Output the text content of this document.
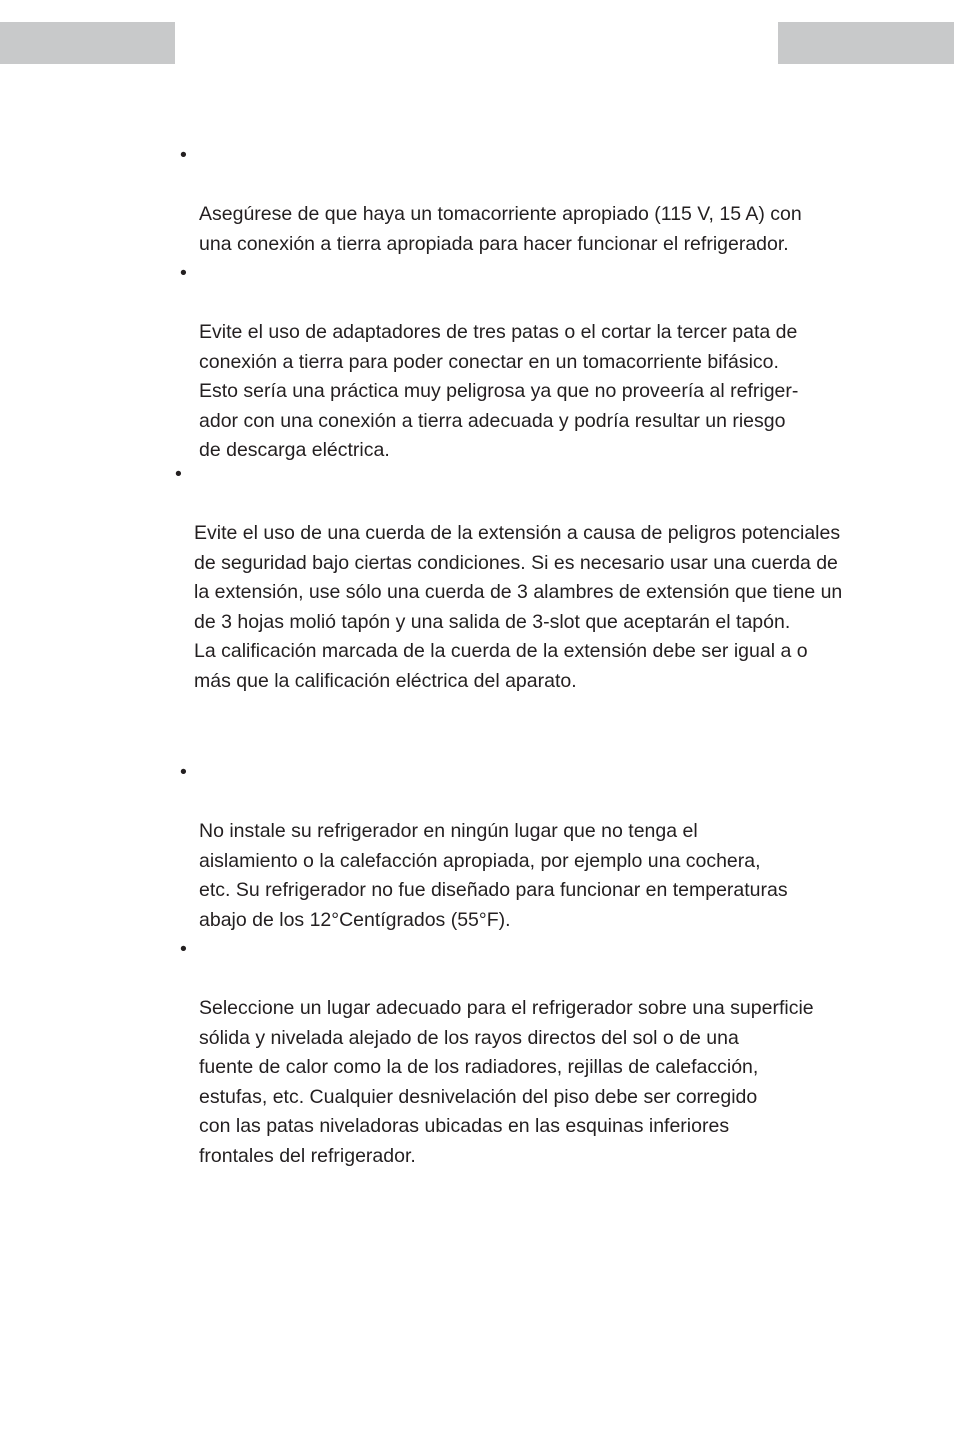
•

Asegúrese de que haya un tomacorriente apropiado (115 V, 15 A) con
una conexión a tierra apropiada para hacer funcionar el refrigerador.

•

Evite el uso de adaptadores de tres patas o el cortar la tercer pata de
conexión a tierra para poder conectar en un tomacorriente bifásico.
Esto sería una práctica muy peligrosa ya que no proveería al refriger-
ador con una conexión a tierra adecuada y podría resultar un riesgo
de descarga eléctrica.

•

Evite el uso de una cuerda de la extensión a causa de peligros potenciales
de seguridad bajo ciertas condiciones. Si es necesario usar una cuerda de
la extensión, use sólo una cuerda de 3 alambres de extensión que tiene un
de 3 hojas molió tapón y una salida de 3-slot que aceptarán el tapón.
La calificación marcada de la cuerda de la extensión debe ser igual a o
más que la calificación eléctrica del aparato.

•

No instale su refrigerador en ningún lugar que no tenga el
aislamiento o la calefacción apropiada, por ejemplo una cochera,
etc. Su refrigerador no fue diseñado para funcionar en temperaturas
abajo de los 12°Centígrados (55°F).

•

Seleccione un lugar adecuado para el refrigerador sobre una superficie
sólida y nivelada alejado de los rayos directos del sol o de una
fuente de calor como la de los radiadores, rejillas de calefacción,
estufas, etc. Cualquier desnivelación del piso debe ser corregido
con las patas niveladoras ubicadas en las esquinas inferiores
frontales del refrigerador.
